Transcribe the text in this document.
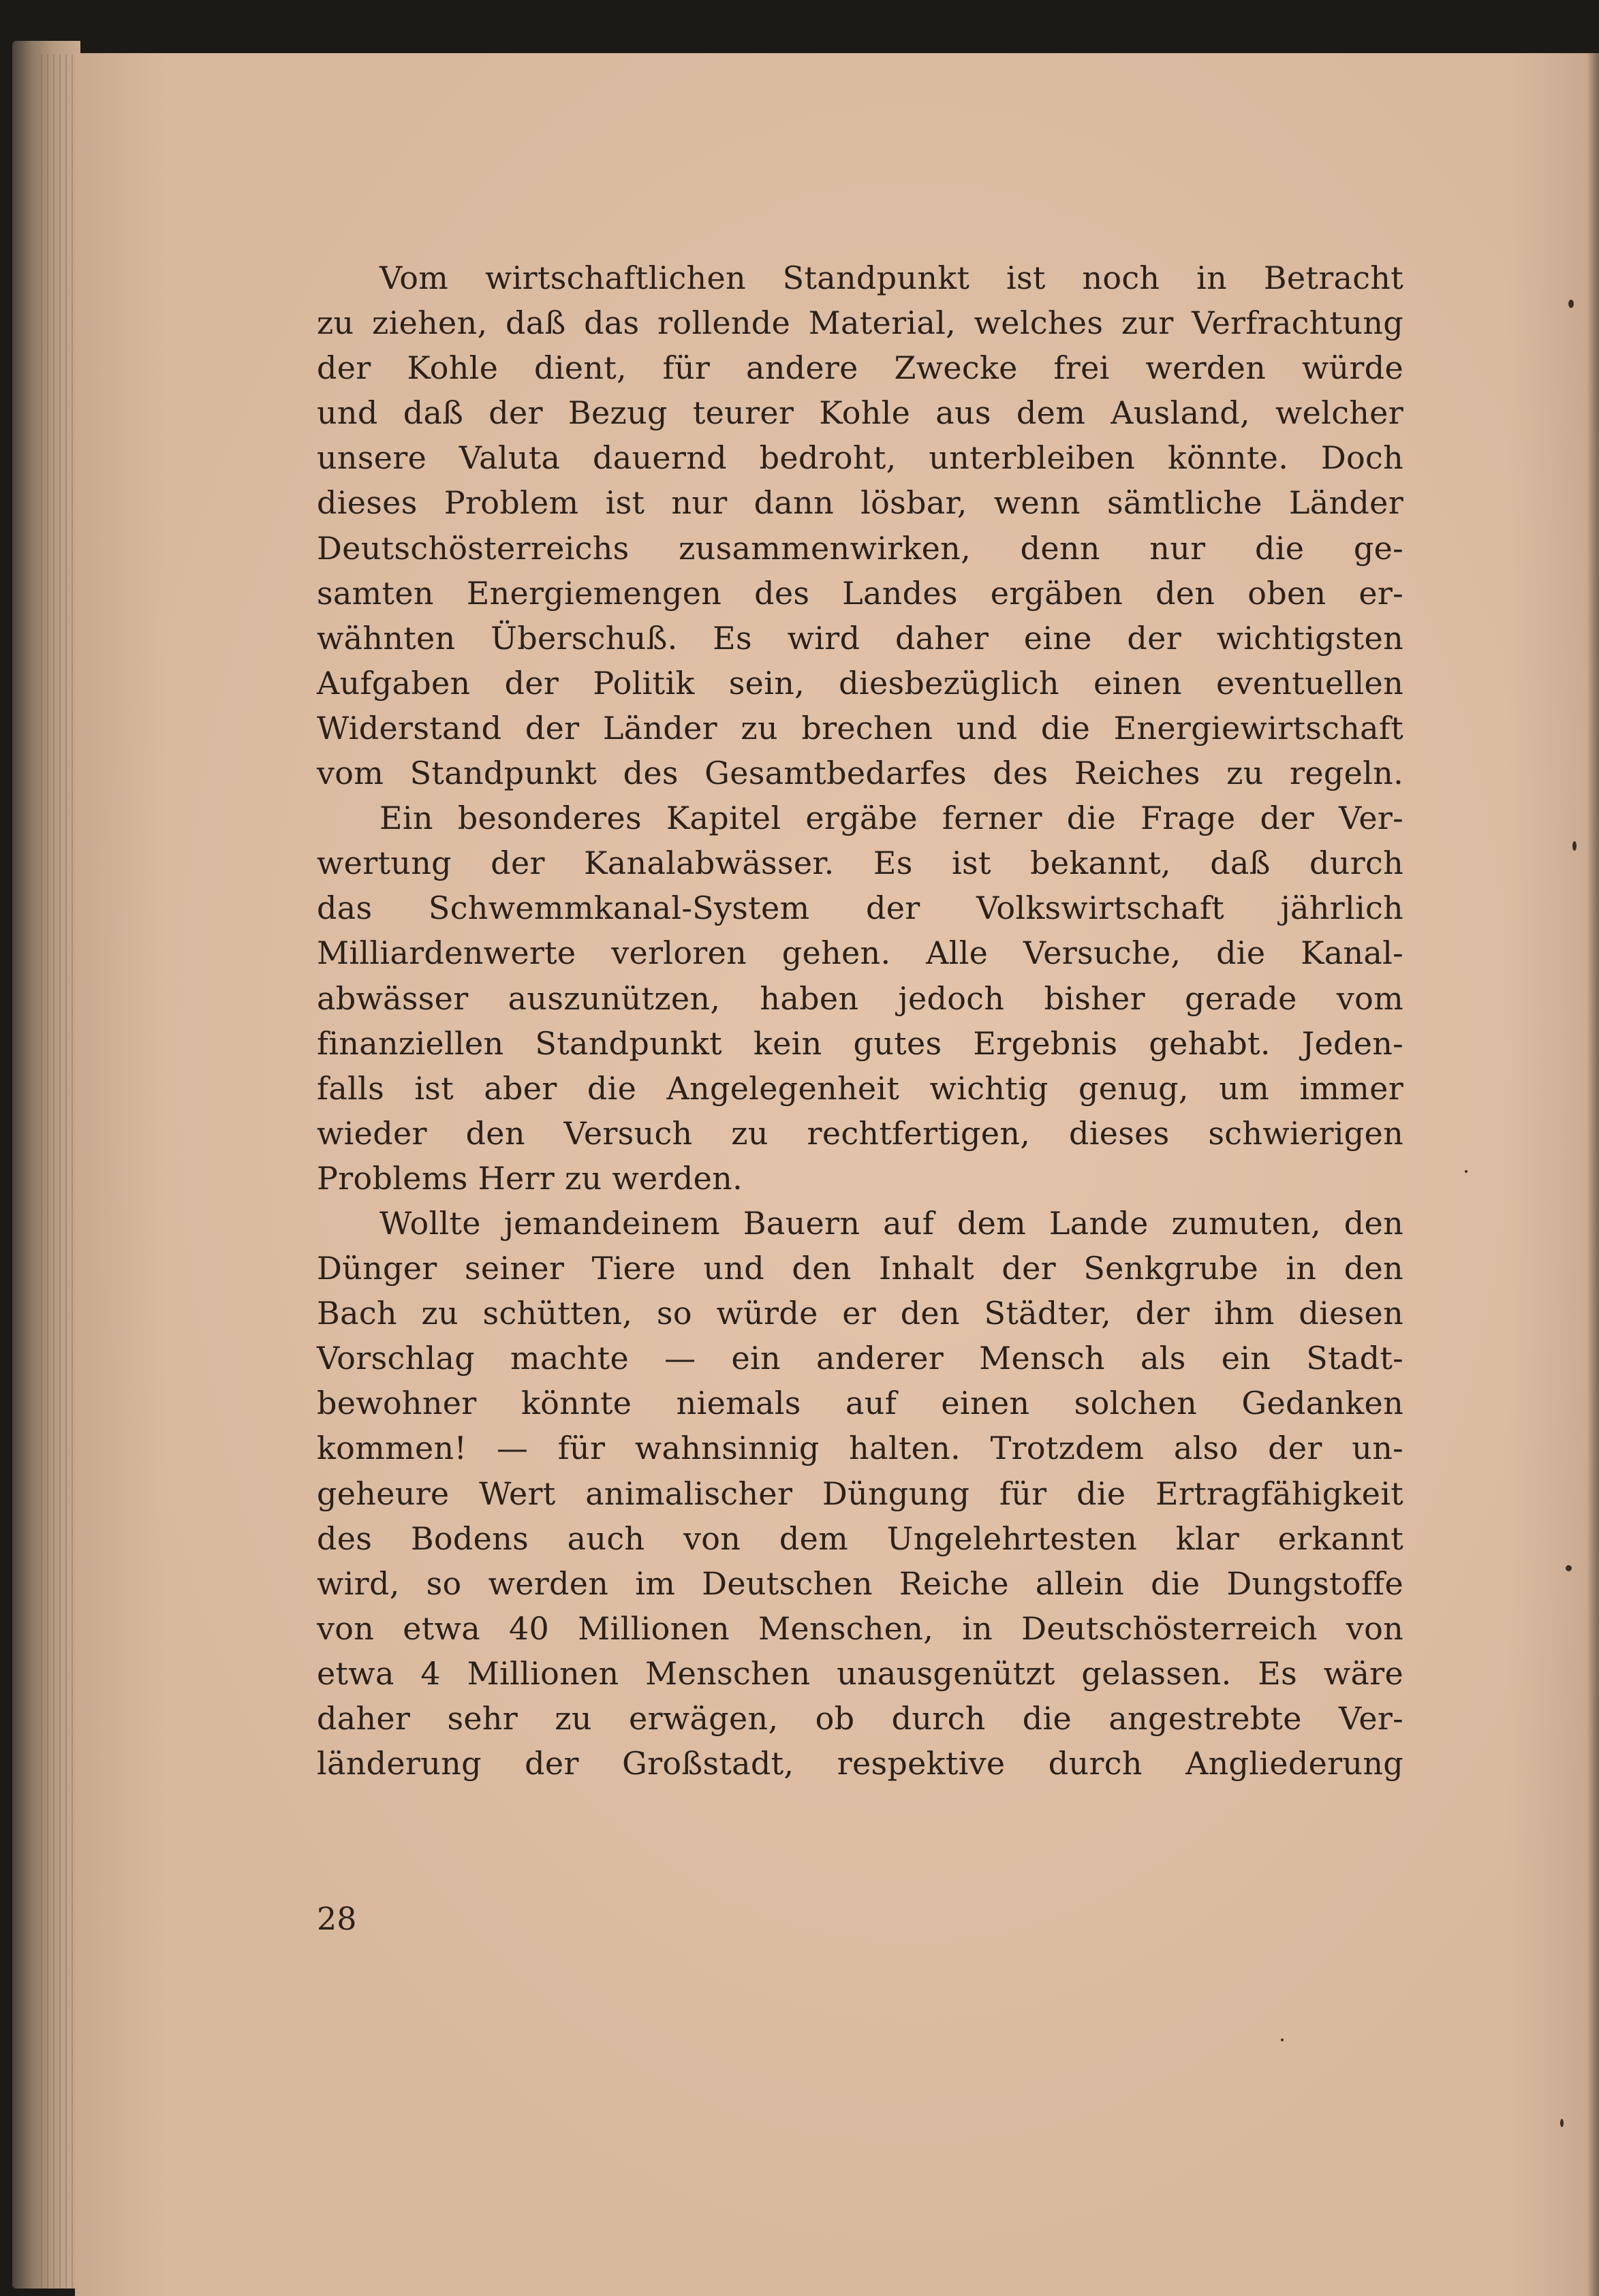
Vom wirtschaftlichen Standpunkt ist noch in Betracht
zu ziehen, daß das rollende Material, welches zur Verfrachtung
der Kohle dient, für andere Zwecke frei werden würde
und daß der Bezug teurer Kohle aus dem Ausland, welcher
unsere Valuta dauernd bedroht, unterbleiben könnte. Doch
dieses Problem ist nur dann lösbar, wenn sämtliche Länder
Deutschösterreichs zusammenwirken, denn nur die ge-
samten Energiemengen des Landes ergäben den oben er-
wähnten Überschuß. Es wird daher eine der wichtigsten
Aufgaben der Politik sein, diesbezüglich einen eventuellen
Widerstand der Länder zu brechen und die Energiewirtschaft
vom Standpunkt des Gesamtbedarfes des Reiches zu regeln.
Ein besonderes Kapitel ergäbe ferner die Frage der Ver-
wertung der Kanalabwässer. Es ist bekannt, daß durch
das Schwemmkanal-System der Volkswirtschaft jährlich
Milliardenwerte verloren gehen. Alle Versuche, die Kanal-
abwässer auszunützen, haben jedoch bisher gerade vom
finanziellen Standpunkt kein gutes Ergebnis gehabt. Jeden-
falls ist aber die Angelegenheit wichtig genug, um immer
wieder den Versuch zu rechtfertigen, dieses schwierigen
Problems Herr zu werden.
Wollte jemandeinem Bauern auf dem Lande zumuten, den
Dünger seiner Tiere und den Inhalt der Senkgrube in den
Bach zu schütten, so würde er den Städter, der ihm diesen
Vorschlag machte — ein anderer Mensch als ein Stadt-
bewohner könnte niemals auf einen solchen Gedanken
kommen! — für wahnsinnig halten. Trotzdem also der un-
geheure Wert animalischer Düngung für die Ertragfähigkeit
des Bodens auch von dem Ungelehrtesten klar erkannt
wird, so werden im Deutschen Reiche allein die Dungstoffe
von etwa 40 Millionen Menschen, in Deutschösterreich von
etwa 4 Millionen Menschen unausgenützt gelassen. Es wäre
daher sehr zu erwägen, ob durch die angestrebte Ver-
länderung der Großstadt, respektive durch Angliederung
28
